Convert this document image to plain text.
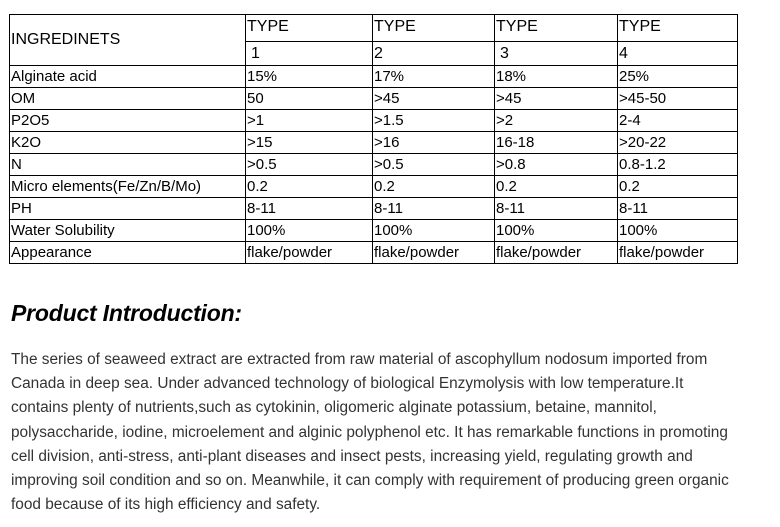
INGREDINETS	TYPE	TYPE	TYPE	TYPE
	1	2	3	4
Alginate acid	15%	17%	18%	25%
OM	50	>45	>45	>45-50
P2O5	>1	>1.5	>2	2-4
K2O	>15	>16	16-18	>20-22
N	>0.5	>0.5	>0.8	0.8-1.2
Micro elements(Fe/Zn/B/Mo)	0.2	0.2	0.2	0.2
PH	8-11	8-11	8-11	8-11
Water Solubility	100%	100%	100%	100%
Appearance	flake/powder	flake/powder	flake/powder	flake/powder
Product Introduction:
The series of seaweed extract are extracted from raw material of ascophyllum nodosum imported from
Canada in deep sea. Under advanced technology of biological Enzymolysis with low temperature.It
contains plenty of nutrients,such as cytokinin, oligomeric alginate potassium, betaine, mannitol,
polysaccharide, iodine, microelement and alginic polyphenol etc. It has remarkable functions in promoting
cell division, anti-stress, anti-plant diseases and insect pests, increasing yield, regulating growth and
improving soil condition and so on. Meanwhile, it can comply with requirement of producing green organic
food because of its high efficiency and safety.
